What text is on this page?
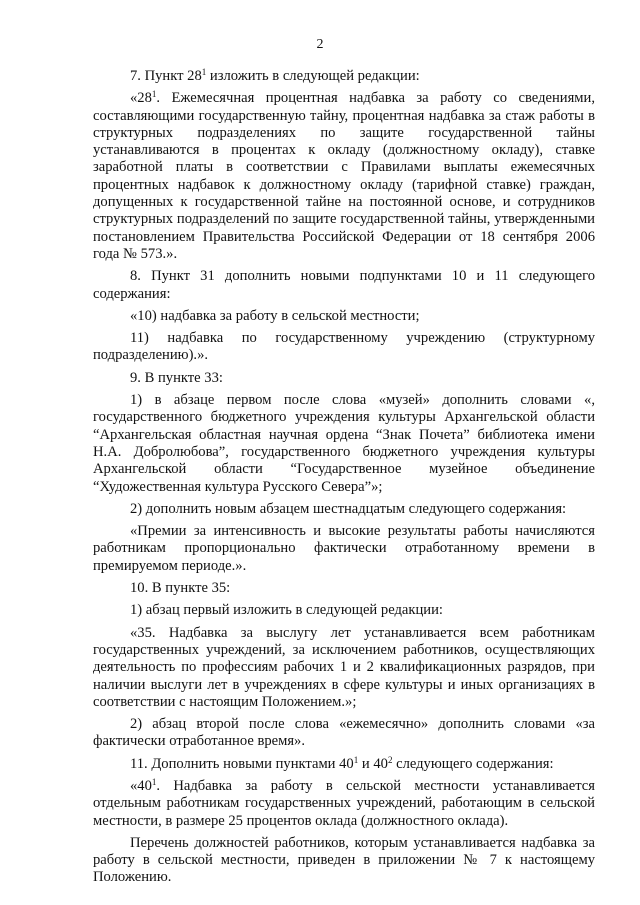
2

7. Пункт $28^1$ изложить в следующей редакции:

«$28^1$. Ежемесячная процентная надбавка за работу со сведениями, составляющими государственную тайну, процентная надбавка за стаж работы в структурных подразделениях по защите государственной тайны устанавливаются в процентах к окладу (должностному окладу), ставке заработной платы в соответствии с Правилами выплаты ежемесячных процентных надбавок к должностному окладу (тарифной ставке) граждан, допущенных к государственной тайне на постоянной основе, и сотрудников структурных подразделений по защите государственной тайны, утвержденными постановлением Правительства Российской Федерации от 18 сентября 2006 года № 573.».

8. Пункт 31 дополнить новыми подпунктами 10 и 11 следующего содержания:

«10) надбавка за работу в сельской местности;

11) надбавка по государственному учреждению (структурному подразделению).».

9. В пункте 33:

1) в абзаце первом после слова «музей» дополнить словами «, государственного бюджетного учреждения культуры Архангельской области “Архангельская областная научная ордена “Знак Почета” библиотека имени Н.А. Добролюбова”, государственного бюджетного учреждения культуры Архангельской области “Государственное музейное объединение “Художественная культура Русского Севера”»;

2) дополнить новым абзацем шестнадцатым следующего содержания:

«Премии за интенсивность и высокие результаты работы начисляются работникам пропорционально фактически отработанному времени в премируемом периоде.».

10. В пункте 35:

1) абзац первый изложить в следующей редакции:

«35. Надбавка за выслугу лет устанавливается всем работникам государственных учреждений, за исключением работников, осуществляющих деятельность по профессиям рабочих 1 и 2 квалификационных разрядов, при наличии выслуги лет в учреждениях в сфере культуры и иных организациях в соответствии с настоящим Положением.»;

2) абзац второй после слова «ежемесячно» дополнить словами «за фактически отработанное время».

11. Дополнить новыми пунктами $40^1$ и $40^2$ следующего содержания:

«$40^1$. Надбавка за работу в сельской местности устанавливается отдельным работникам государственных учреждений, работающим в сельской местности, в размере 25 процентов оклада (должностного оклада).

Перечень должностей работников, которым устанавливается надбавка за работу в сельской местности, приведен в приложении № 7 к настоящему Положению.
